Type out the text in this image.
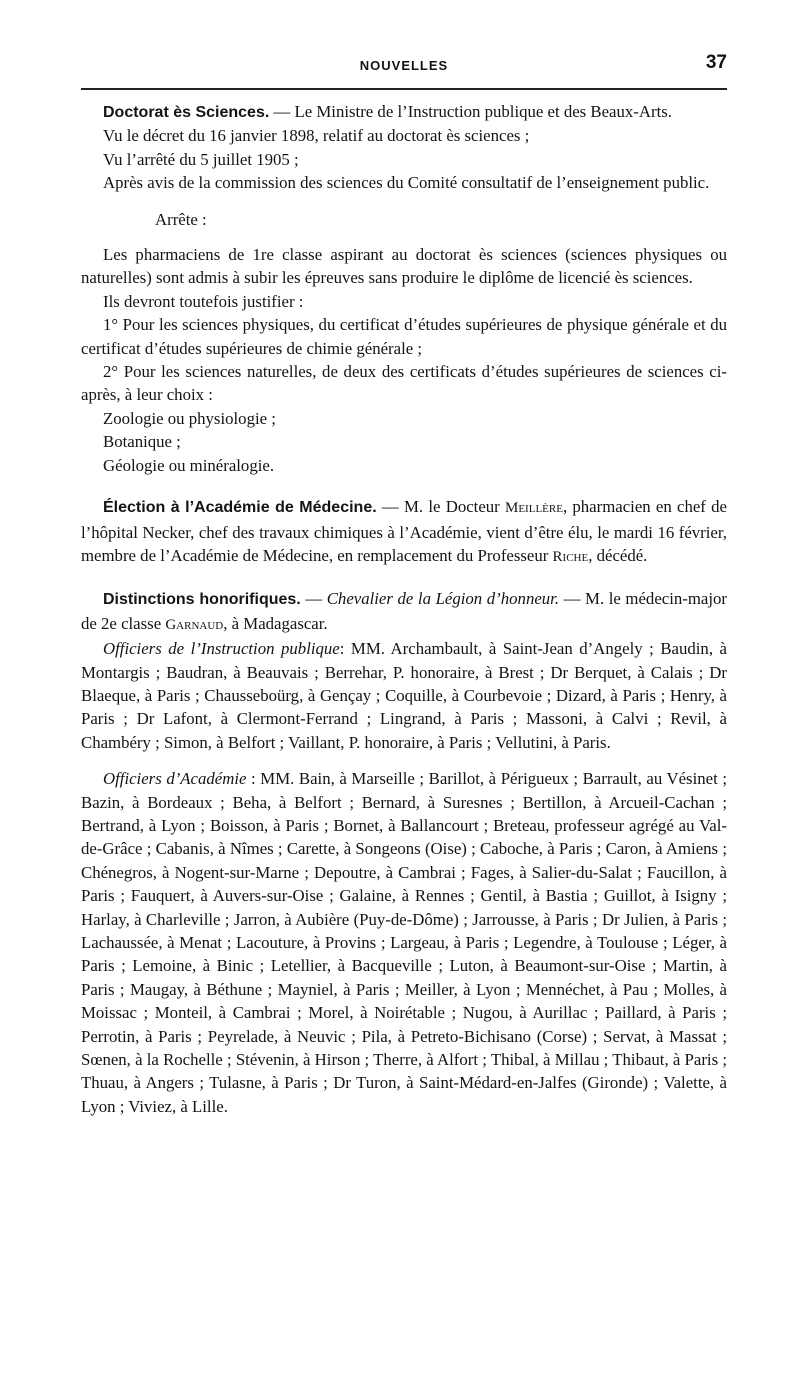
NOUVELLES	37

Doctorat ès Sciences. — Le Ministre de l’Instruction publique et des Beaux-Arts.

Vu le décret du 16 janvier 1898, relatif au doctorat ès sciences ;

Vu l’arrêté du 5 juillet 1905 ;

Après avis de la commission des sciences du Comité consultatif de l’enseignement public.

Arrête :

Les pharmaciens de 1re classe aspirant au doctorat ès sciences (sciences physiques ou naturelles) sont admis à subir les épreuves sans produire le diplôme de licencié ès sciences.

Ils devront toutefois justifier :

1° Pour les sciences physiques, du certificat d’études supérieures de physique générale et du certificat d’études supérieures de chimie générale ;

2° Pour les sciences naturelles, de deux des certificats d’études supérieures de sciences ci-après, à leur choix :

Zoologie ou physiologie ;

Botanique ;

Géologie ou minéralogie.

Élection à l’Académie de Médecine. — M. le Docteur Meillère, pharmacien en chef de l’hôpital Necker, chef des travaux chimiques à l’Académie, vient d’être élu, le mardi 16 février, membre de l’Académie de Médecine, en remplacement du Professeur Riche, décédé.

Distinctions honorifiques. — Chevalier de la Légion d’honneur. — M. le médecin-major de 2e classe Garnaud, à Madagascar.

Officiers de l’Instruction publique: MM. Archambault, à Saint-Jean d’Angely ; Baudin, à Montargis ; Baudran, à Beauvais ; Berrehar, P. honoraire, à Brest ; Dr Berquet, à Calais ; Dr Blaeque, à Paris ; Chausseboürg, à Gençay ; Coquille, à Courbevoie ; Dizard, à Paris ; Henry, à Paris ; Dr Lafont, à Clermont-Ferrand ; Lingrand, à Paris ; Massoni, à Calvi ; Revil, à Chambéry ; Simon, à Belfort ; Vaillant, P. honoraire, à Paris ; Vellutini, à Paris.

Officiers d’Académie : MM. Bain, à Marseille ; Barillot, à Périgueux ; Barrault, au Vésinet ; Bazin, à Bordeaux ; Beha, à Belfort ; Bernard, à Suresnes ; Bertillon, à Arcueil-Cachan ; Bertrand, à Lyon ; Boisson, à Paris ; Bornet, à Ballancourt ; Breteau, professeur agrégé au Val-de-Grâce ; Cabanis, à Nîmes ; Carette, à Songeons (Oise) ; Caboche, à Paris ; Caron, à Amiens ; Chénegros, à Nogent-sur-Marne ; Depoutre, à Cambrai ; Fages, à Salier-du-Salat ; Faucillon, à Paris ; Fauquert, à Auvers-sur-Oise ; Galaine, à Rennes ; Gentil, à Bastia ; Guillot, à Isigny ; Harlay, à Charleville ; Jarron, à Aubière (Puy-de-Dôme) ; Jarrousse, à Paris ; Dr Julien, à Paris ; Lachaussée, à Menat ; Lacouture, à Provins ; Largeau, à Paris ; Legendre, à Toulouse ; Léger, à Paris ; Lemoine, à Binic ; Letellier, à Bacqueville ; Luton, à Beaumont-sur-Oise ; Martin, à Paris ; Maugay, à Béthune ; Mayniel, à Paris ; Meiller, à Lyon ; Mennéchet, à Pau ; Molles, à Moissac ; Monteil, à Cambrai ; Morel, à Noirétable ; Nugou, à Aurillac ; Paillard, à Paris ; Perrotin, à Paris ; Peyrelade, à Neuvic ; Pila, à Petreto-Bichisano (Corse) ; Servat, à Massat ; Sœnen, à la Rochelle ; Stévenin, à Hirson ; Therre, à Alfort ; Thibal, à Millau ; Thibaut, à Paris ; Thuau, à Angers ; Tulasne, à Paris ; Dr Turon, à Saint-Médard-en-Jalfes (Gironde) ; Valette, à Lyon ; Viviez, à Lille.
